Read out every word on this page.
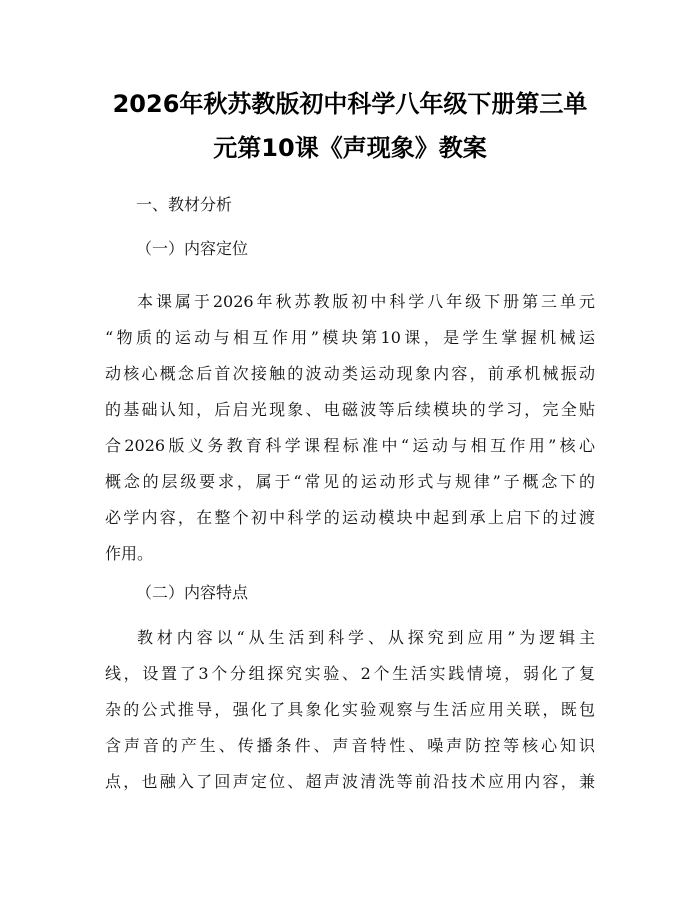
2026年秋苏教版初中科学八年级下册第三单
元第10课《声现象》教案
一、教材分析
（一）内容定位
本课属于2026年秋苏教版初中科学八年级下册第三单元
“物质的运动与相互作用”模块第10课，是学生掌握机械运
动核心概念后首次接触的波动类运动现象内容，前承机械振动
的基础认知，后启光现象、电磁波等后续模块的学习，完全贴
合2026版义务教育科学课程标准中“运动与相互作用”核心
概念的层级要求，属于“常见的运动形式与规律”子概念下的
必学内容，在整个初中科学的运动模块中起到承上启下的过渡
作用。
（二）内容特点
教材内容以“从生活到科学、从探究到应用”为逻辑主
线，设置了3个分组探究实验、2个生活实践情境，弱化了复
杂的公式推导，强化了具象化实验观察与生活应用关联，既包
含声音的产生、传播条件、声音特性、噪声防控等核心知识
点，也融入了回声定位、超声波清洗等前沿技术应用内容，兼
